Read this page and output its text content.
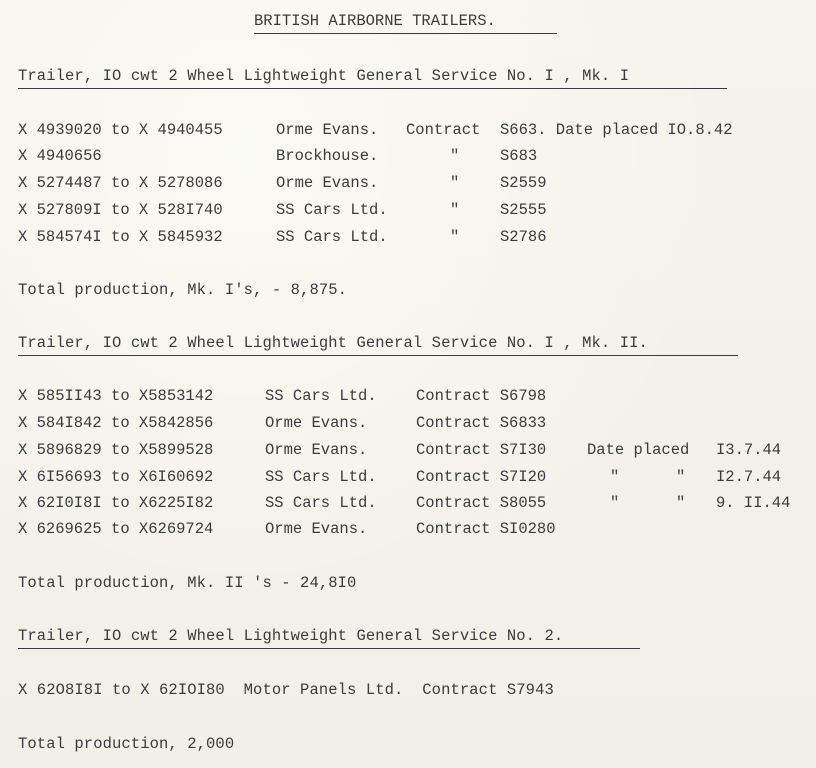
BRITISH AIRBORNE TRAILERS.
Trailer, IO cwt 2 Wheel Lightweight General Service No. I , Mk. I
X 4939020 to X 4940455	Orme Evans. Contract S663. Date placed IO.8.42
X 4940656	Brockhouse.	"	S683
X 5274487 to X 5278086	Orme Evans.	"	S2559
X 527809I to X 528I740	SS Cars Ltd.	"	S2555
X 584574I to X 5845932	SS Cars Ltd.	"	S2786
Total production, Mk. I's, - 8,875.
Trailer, IO cwt 2 Wheel Lightweight General Service No. I , Mk. II.
X 585II43 to X5853142	SS Cars Ltd.	Contract S6798
X 584I842 to X5842856	Orme Evans.	Contract S6833
X 5896829 to X5899528	Orme Evans.	Contract S7I30	Date placed I3.7.44
X 6I56693 to X6I60692	SS Cars Ltd.	Contract S7I20	"	" I2.7.44
X 62I0I8I to X6225I82	SS Cars Ltd.	Contract S8055	"	" 9. II.44
X 6269625 to X6269724	Orme Evans.	Contract SI0280
Total production, Mk. II 's - 24,8I0
Trailer, IO cwt 2 Wheel Lightweight General Service No. 2.
X 62O8I8I to X 62IOI80  Motor Panels Ltd.  Contract S7943
Total production, 2,000
